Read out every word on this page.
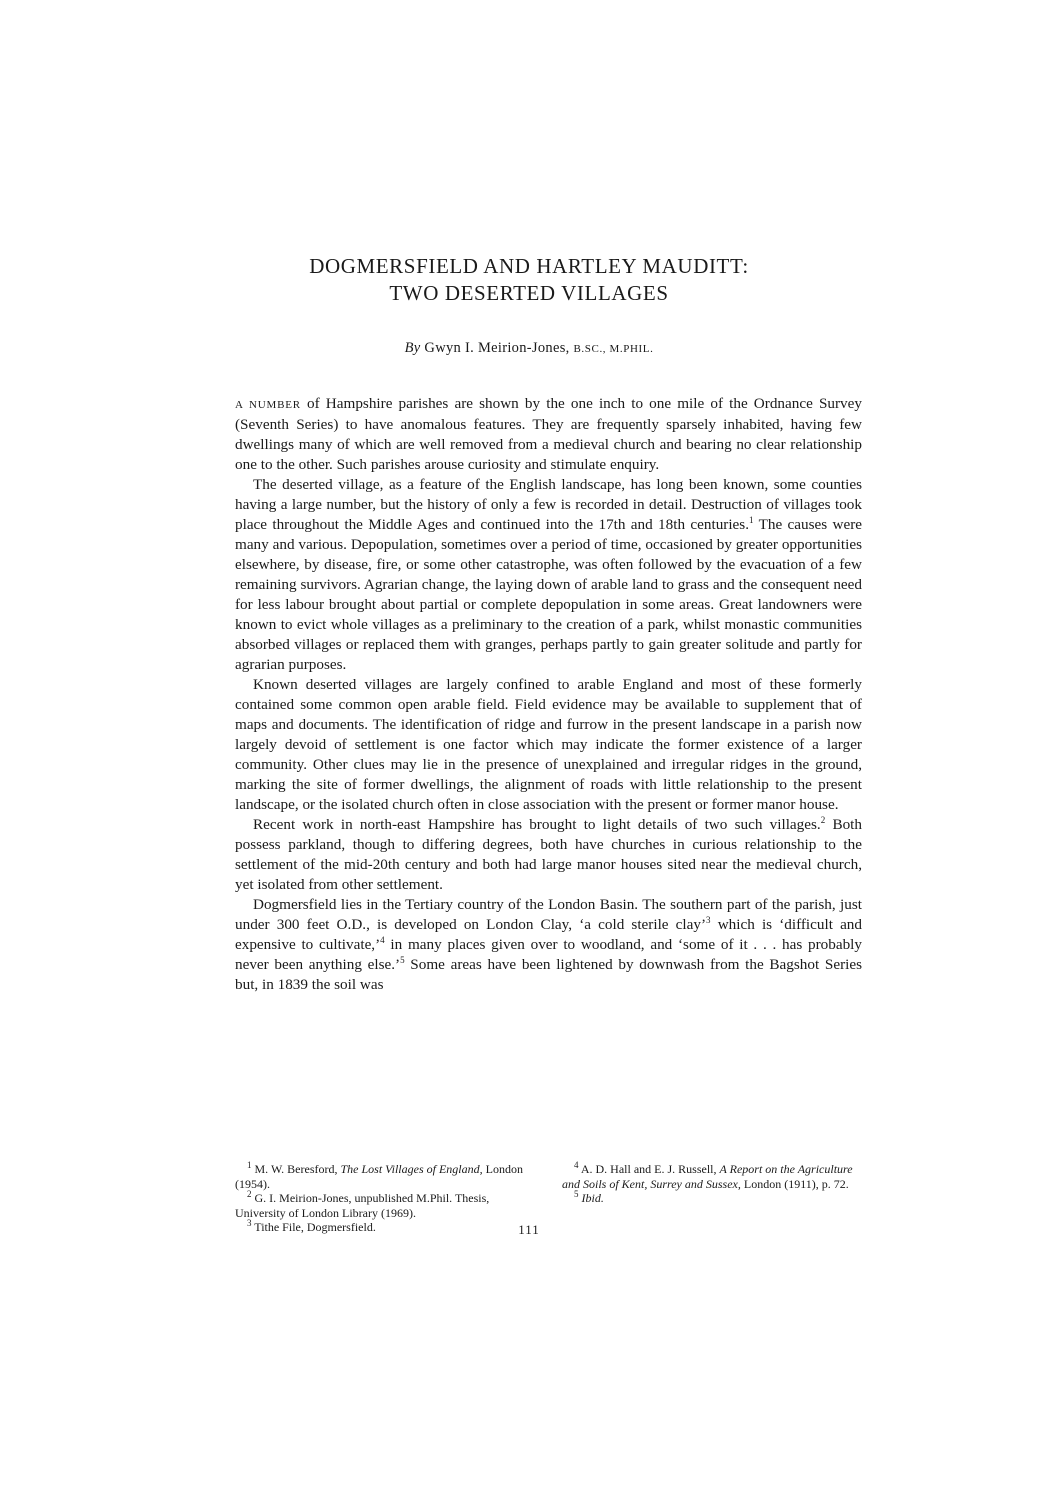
DOGMERSFIELD AND HARTLEY MAUDITT:
TWO DESERTED VILLAGES
By Gwyn I. Meirion-Jones, B.SC., M.PHIL.

A NUMBER of Hampshire parishes are shown by the one inch to one mile of the Ordnance Survey (Seventh Series) to have anomalous features. They are frequently sparsely inhabited, having few dwellings many of which are well removed from a medieval church and bearing no clear relationship one to the other. Such parishes arouse curiosity and stimulate enquiry.

The deserted village, as a feature of the English landscape, has long been known, some counties having a large number, but the history of only a few is recorded in detail. Destruction of villages took place throughout the Middle Ages and continued into the 17th and 18th centuries.$^1$ The causes were many and various. Depopulation, sometimes over a period of time, occasioned by greater opportunities elsewhere, by disease, fire, or some other catastrophe, was often followed by the evacuation of a few remaining survivors. Agrarian change, the laying down of arable land to grass and the consequent need for less labour brought about partial or complete depopulation in some areas. Great landowners were known to evict whole villages as a preliminary to the creation of a park, whilst monastic communities absorbed villages or replaced them with granges, perhaps partly to gain greater solitude and partly for agrarian purposes.

Known deserted villages are largely confined to arable England and most of these formerly contained some common open arable field. Field evidence may be available to supplement that of maps and documents. The identification of ridge and furrow in the present landscape in a parish now largely devoid of settlement is one factor which may indicate the former existence of a larger community. Other clues may lie in the presence of unexplained and irregular ridges in the ground, marking the site of former dwellings, the alignment of roads with little relationship to the present landscape, or the isolated church often in close association with the present or former manor house.

Recent work in north-east Hampshire has brought to light details of two such villages.$^2$ Both possess parkland, though to differing degrees, both have churches in curious relationship to the settlement of the mid-20th century and both had large manor houses sited near the medieval church, yet isolated from other settlement.

Dogmersfield lies in the Tertiary country of the London Basin. The southern part of the parish, just under 300 feet O.D., is developed on London Clay, ‘a cold sterile clay’$^3$ which is ‘difficult and expensive to cultivate,’$^4$ in many places given over to woodland, and ‘some of it . . . has probably never been anything else.’$^5$ Some areas have been lightened by downwash from the Bagshot Series but, in 1839 the soil was

$^1$ M. W. Beresford, The Lost Villages of England, London (1954).

$^2$ G. I. Meirion-Jones, unpublished M.Phil. Thesis, University of London Library (1969).

$^3$ Tithe File, Dogmersfield.

$^4$ A. D. Hall and E. J. Russell, A Report on the Agriculture and Soils of Kent, Surrey and Sussex, London (1911), p. 72.

$^5$ Ibid.

111
